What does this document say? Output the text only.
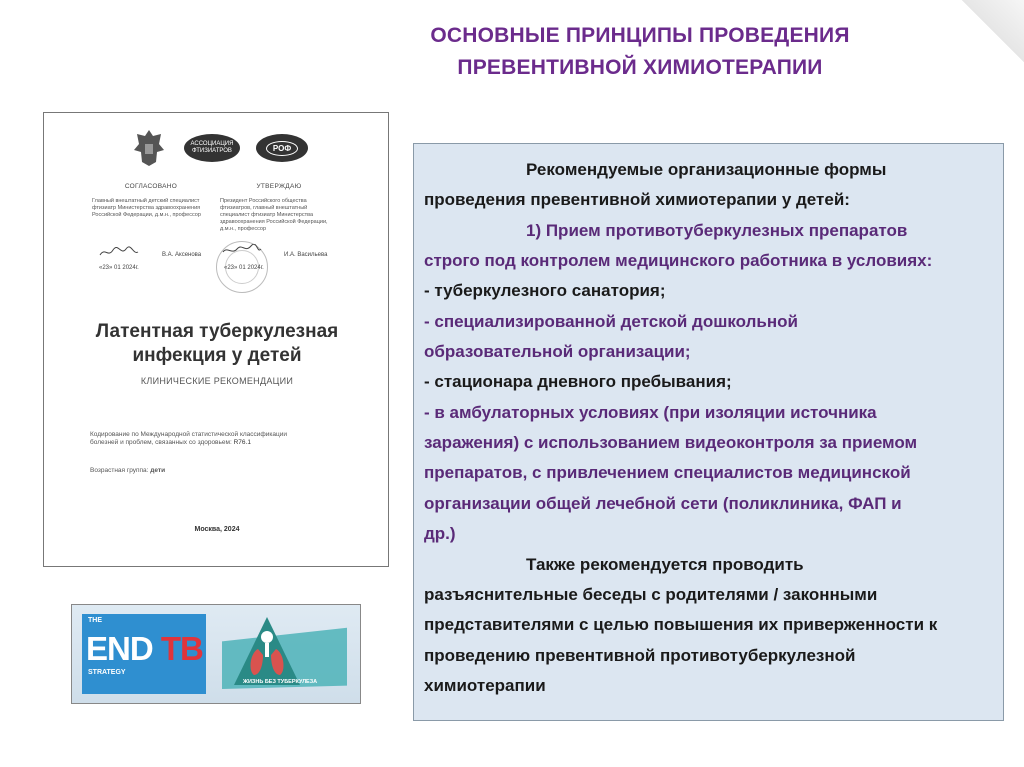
ОСНОВНЫЕ ПРИНЦИПЫ ПРОВЕДЕНИЯ
ПРЕВЕНТИВНОЙ ХИМИОТЕРАПИИ
АССОЦИАЦИЯ ФТИЗИАТРОВ	РОФ
СОГЛАСОВАНО
Главный внештатный детский специалист фтизиатр Министерства здравоохранения Российской Федерации, д.м.н., профессор
УТВЕРЖДАЮ
Президент Российского общества фтизиатров, главный внештатный специалист фтизиатр Министерства здравоохранения Российской Федерации, д.м.н., профессор
В.А. Аксенова
«23» 01 2024г.
И.А. Васильева
«23» 01 2024г.
Латентная туберкулезная
инфекция у детей
КЛИНИЧЕСКИЕ РЕКОМЕНДАЦИИ
Кодирование по Международной статистической классификации болезней и проблем, связанных со здоровьем: R76.1
Возрастная группа: дети
Москва, 2024
THE
END TB
STRATEGY
ЖИЗНЬ БЕЗ ТУБЕРКУЛЕЗА

Рекомендуемые организационные формы

проведения превентивной химиотерапии у детей:

1) Прием противотуберкулезных препаратов

строго под контролем медицинского работника в условиях:

- туберкулезного санатория;

- специализированной детской дошкольной

образовательной организации;

- стационара дневного пребывания;

- в амбулаторных условиях (при изоляции источника

заражения) с использованием видеоконтроля за приемом

препаратов, с привлечением специалистов медицинской

организации общей лечебной сети (поликлиника, ФАП и

др.)

Также рекомендуется проводить

разъяснительные беседы с родителями / законными

представителями с целью повышения их приверженности к

проведению превентивной противотуберкулезной

химиотерапии
